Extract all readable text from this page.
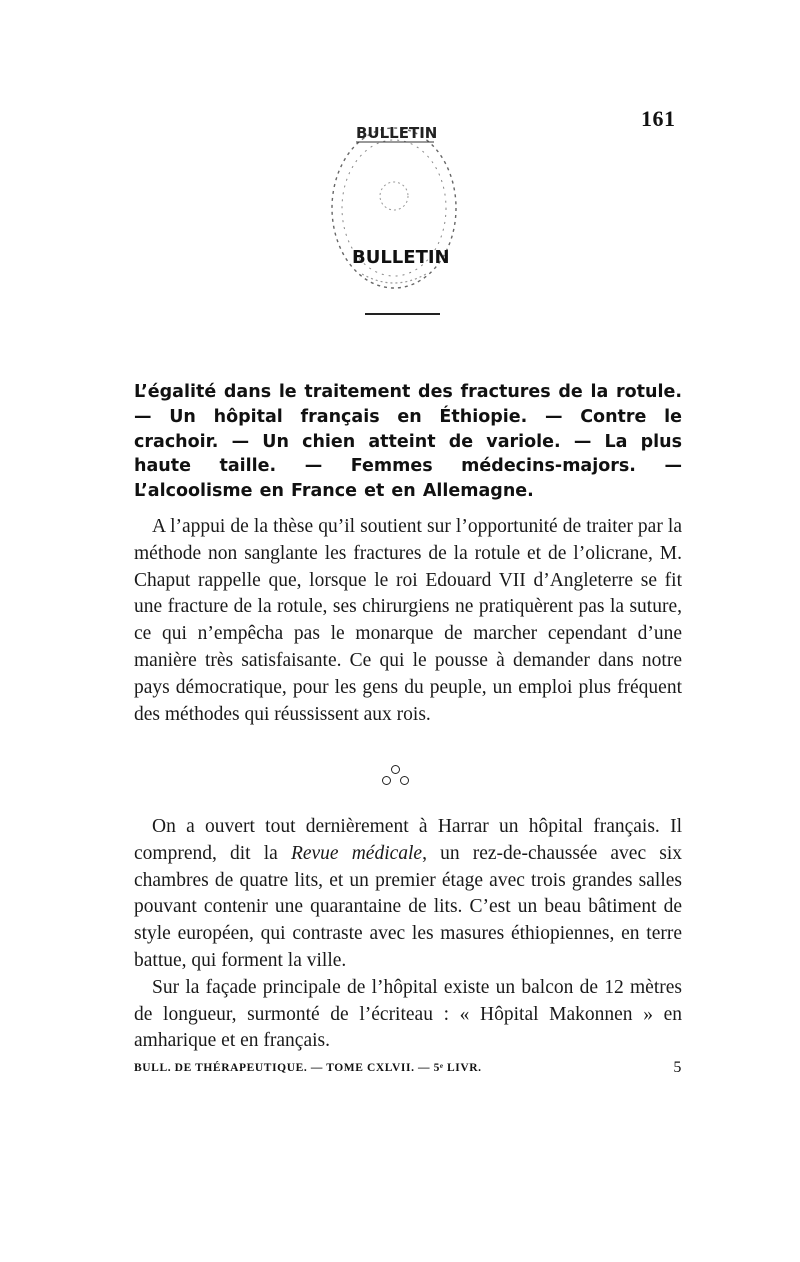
161
BULLETIN
BULLETIN
L’égalité dans le traitement des fractures de la rotule. — Un hôpital français en Éthiopie. — Contre le crachoir. — Un chien atteint de variole. — La plus haute taille. — Femmes médecins-majors. — L’alcoolisme en France et en Allemagne.

A l’appui de la thèse qu’il soutient sur l’opportunité de traiter par la méthode non sanglante les fractures de la rotule et de l’olicrane, M. Chaput rappelle que, lorsque le roi Edouard VII d’Angleterre se fit une fracture de la rotule, ses chirurgiens ne pratiquèrent pas la suture, ce qui n’empêcha pas le monarque de marcher cependant d’une manière très satisfaisante. Ce qui le pousse à demander dans notre pays démocratique, pour les gens du peuple, un emploi plus fréquent des méthodes qui réussissent aux rois.

On a ouvert tout dernièrement à Harrar un hôpital français. Il comprend, dit la Revue médicale, un rez-de-chaussée avec six chambres de quatre lits, et un premier étage avec trois grandes salles pouvant contenir une quarantaine de lits. C’est un beau bâtiment de style européen, qui contraste avec les masures éthiopiennes, en terre battue, qui forment la ville.

Sur la façade principale de l’hôpital existe un balcon de 12 mètres de longueur, surmonté de l’écriteau : « Hôpital Makonnen » en amharique et en français.

BULL. DE THÉRAPEUTIQUE. — TOME CXLVII. — 5ᵉ LIVR.	5
